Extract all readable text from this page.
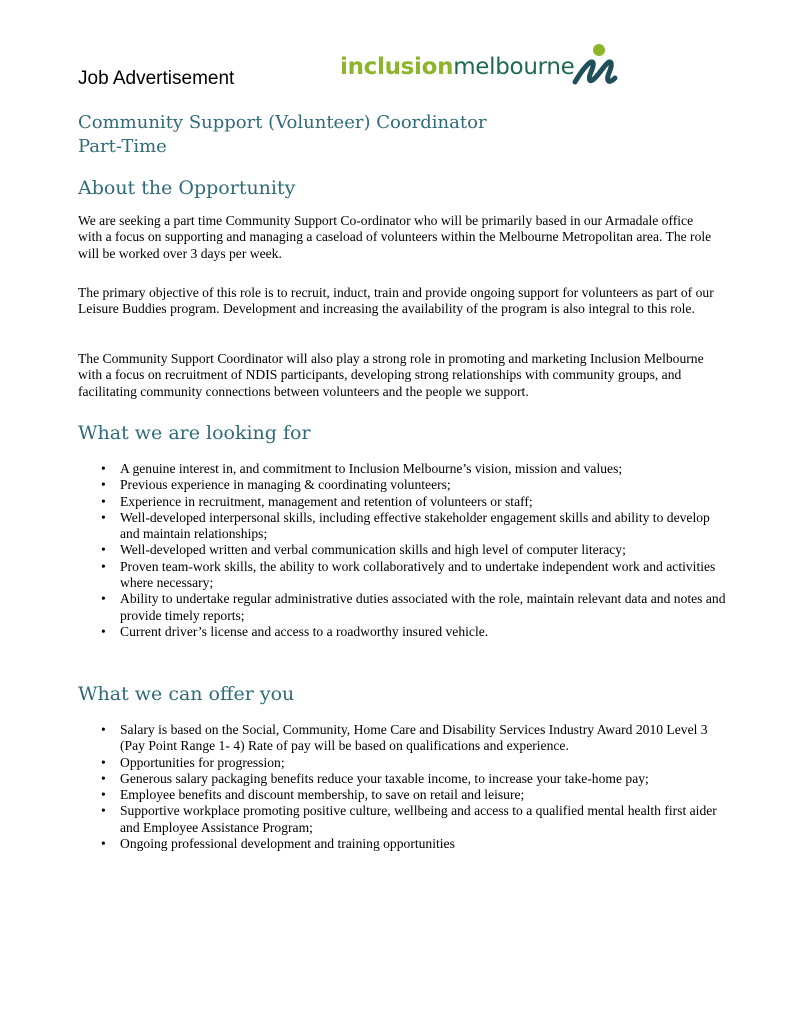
Job Advertisement	inclusionmelbourne
Community Support (Volunteer) Coordinator
Part-Time
About the Opportunity

We are seeking a part time Community Support Co-ordinator who will be primarily based in our Armadale office with a focus on supporting and managing a caseload of volunteers within the Melbourne Metropolitan area. The role will be worked over 3 days per week.

The primary objective of this role is to recruit, induct, train and provide ongoing support for volunteers as part of our Leisure Buddies program. Development and increasing the availability of the program is also integral to this role.

The Community Support Coordinator will also play a strong role in promoting and marketing Inclusion Melbourne with a focus on recruitment of NDIS participants, developing strong relationships with community groups, and facilitating community connections between volunteers and the people we support.

What we are looking for
• A genuine interest in, and commitment to Inclusion Melbourne’s vision, mission and values;
• Previous experience in managing & coordinating volunteers;
• Experience in recruitment, management and retention of volunteers or staff;
• Well-developed interpersonal skills, including effective stakeholder engagement skills and ability to develop and maintain relationships;
• Well-developed written and verbal communication skills and high level of computer literacy;
• Proven team-work skills, the ability to work collaboratively and to undertake independent work and activities where necessary;
• Ability to undertake regular administrative duties associated with the role, maintain relevant data and notes and provide timely reports;
• Current driver’s license and access to a roadworthy insured vehicle.
What we can offer you
• Salary is based on the Social, Community, Home Care and Disability Services Industry Award 2010 Level 3 (Pay Point Range 1- 4) Rate of pay will be based on qualifications and experience.
• Opportunities for progression;
• Generous salary packaging benefits reduce your taxable income, to increase your take-home pay;
• Employee benefits and discount membership, to save on retail and leisure;
• Supportive workplace promoting positive culture, wellbeing and access to a qualified mental health first aider and Employee Assistance Program;
• Ongoing professional development and training opportunities
